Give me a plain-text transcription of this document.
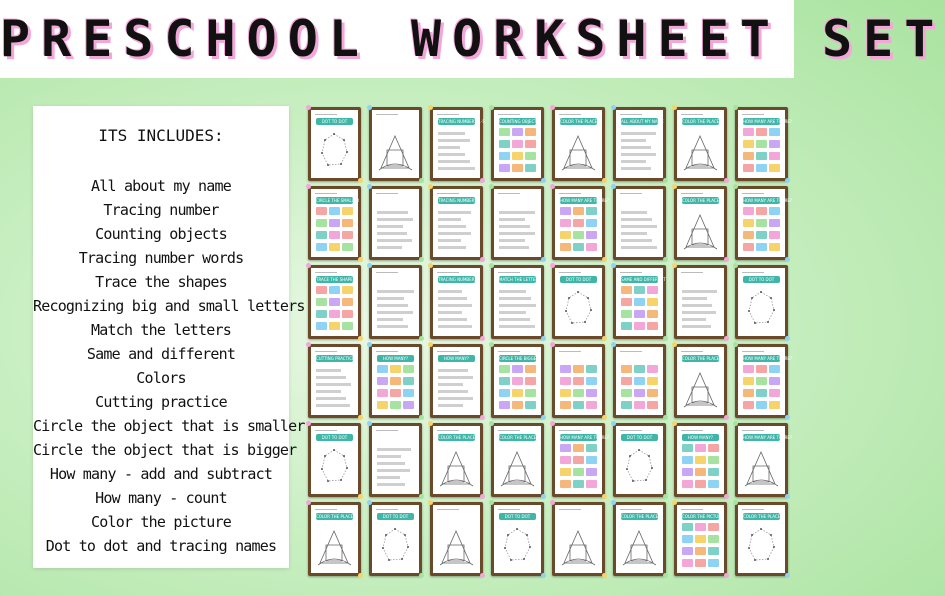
PRESCHOOL WORKSHEET SET
ITS INCLUDES:
All about my name
Tracing number
Counting objects
Tracing number words
Trace the shapes
Recognizing big and small letters
Match the letters
Same and different
Colors
Cutting practice
Circle the object that is smaller
Circle the object that is bigger
How many - add and subtract
How many - count
Color the picture
Dot to dot and tracing names
DOT TO DOT	TRACING NUMBERS 1-5	COUNTING OBJECTS	COLOR THE PLACE	ALL ABOUT MY NAME	COLOR THE PLACE	HOW MANY ARE THERE?
CIRCLE THE SMALLER	TRACING NUMBERS	HOW MANY ARE THERE?	COLOR THE PLACE	HOW MANY ARE THERE?
TRACE THE SHAPES	TRACING NUMBERS	MATCH THE LETTERS	DOT TO DOT	SAME AND DIFFERENT	DOT TO DOT
CUTTING PRACTICE	HOW MANY?	HOW MANY?	CIRCLE THE BIGGER	COLOR THE PLACE	HOW MANY ARE THERE?
DOT TO DOT	COLOR THE PLACE	COLOR THE PLACE	HOW MANY ARE THERE?	DOT TO DOT	HOW MANY?	HOW MANY ARE THERE?
COLOR THE PLACE	DOT TO DOT	DOT TO DOT	COLOR THE PLACE	COLOR THE PICTURE	COLOR THE PLACE
